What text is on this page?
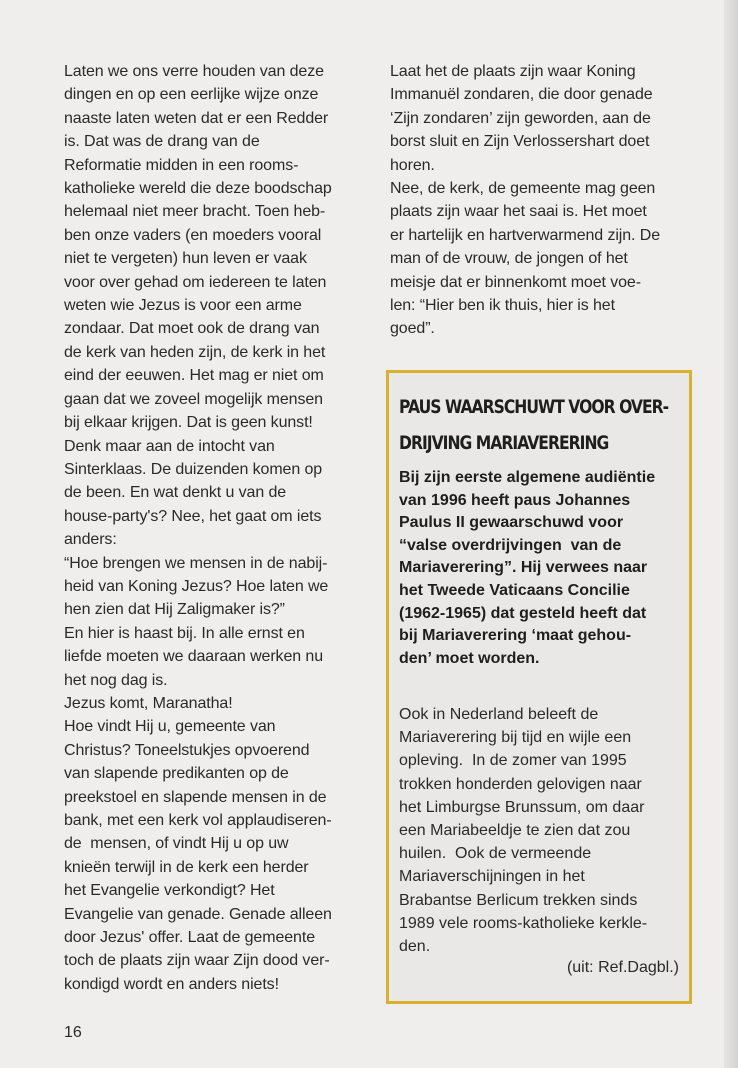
Laten we ons verre houden van deze
dingen en op een eerlijke wijze onze
naaste laten weten dat er een Redder
is. Dat was de drang van de
Reformatie midden in een rooms-
katholieke wereld die deze boodschap
helemaal niet meer bracht. Toen heb-
ben onze vaders (en moeders vooral
niet te vergeten) hun leven er vaak
voor over gehad om iedereen te laten
weten wie Jezus is voor een arme
zondaar. Dat moet ook de drang van
de kerk van heden zijn, de kerk in het
eind der eeuwen. Het mag er niet om
gaan dat we zoveel mogelijk mensen
bij elkaar krijgen. Dat is geen kunst!
Denk maar aan de intocht van
Sinterklaas. De duizenden komen op
de been. En wat denkt u van de
house-party's? Nee, het gaat om iets
anders:
“Hoe brengen we mensen in de nabij-
heid van Koning Jezus? Hoe laten we
hen zien dat Hij Zaligmaker is?”
En hier is haast bij. In alle ernst en
liefde moeten we daaraan werken nu
het nog dag is.
Jezus komt, Maranatha!
Hoe vindt Hij u, gemeente van
Christus? Toneelstukjes opvoerend
van slapende predikanten op de
preekstoel en slapende mensen in de
bank, met een kerk vol applaudiseren-
de  mensen, of vindt Hij u op uw
knieën terwijl in de kerk een herder
het Evangelie verkondigt? Het
Evangelie van genade. Genade alleen
door Jezus' offer. Laat de gemeente
toch de plaats zijn waar Zijn dood ver-
kondigd wordt en anders niets!
Laat het de plaats zijn waar Koning
Immanuël zondaren, die door genade
‘Zijn zondaren’ zijn geworden, aan de
borst sluit en Zijn Verlossershart doet
horen.
Nee, de kerk, de gemeente mag geen
plaats zijn waar het saai is. Het moet
er hartelijk en hartverwarmend zijn. De
man of de vrouw, de jongen of het
meisje dat er binnenkomt moet voe-
len: “Hier ben ik thuis, hier is het
goed”.
PAUS WAARSCHUWT VOOR OVER-
DRIJVING MARIAVERERING
Bij zijn eerste algemene audiëntie
van 1996 heeft paus Johannes
Paulus II gewaarschuwd voor
“valse overdrijvingen  van de
Mariaverering”. Hij verwees naar
het Tweede Vaticaans Concilie
(1962-1965) dat gesteld heeft dat
bij Mariaverering ‘maat gehou-
den’ moet worden.
Ook in Nederland beleeft de
Mariaverering bij tijd en wijle een
opleving.  In de zomer van 1995
trokken honderden gelovigen naar
het Limburgse Brunssum, om daar
een Mariabeeldje te zien dat zou
huilen.  Ook de vermeende
Mariaverschijningen in het
Brabantse Berlicum trekken sinds
1989 vele rooms-katholieke kerkle-
den.
(uit: Ref.Dagbl.)
16
